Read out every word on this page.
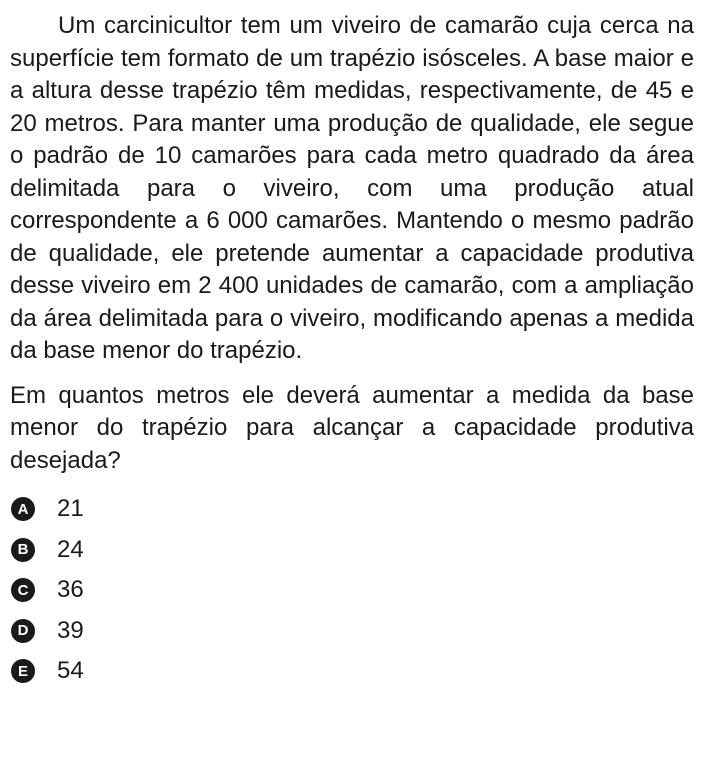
Um carcinicultor tem um viveiro de camarão cuja cerca na superfície tem formato de um trapézio isósceles. A base maior e a altura desse trapézio têm medidas, respectivamente, de 45 e 20 metros. Para manter uma produção de qualidade, ele segue o padrão de 10 camarões para cada metro quadrado da área delimitada para o viveiro, com uma produção atual correspondente a 6 000 camarões. Mantendo o mesmo padrão de qualidade, ele pretende aumentar a capacidade produtiva desse viveiro em 2 400 unidades de camarão, com a ampliação da área delimitada para o viveiro, modificando apenas a medida da base menor do trapézio.

Em quantos metros ele deverá aumentar a medida da base menor do trapézio para alcançar a capacidade produtiva desejada?

A 21
B 24
C 36
D 39
E 54
